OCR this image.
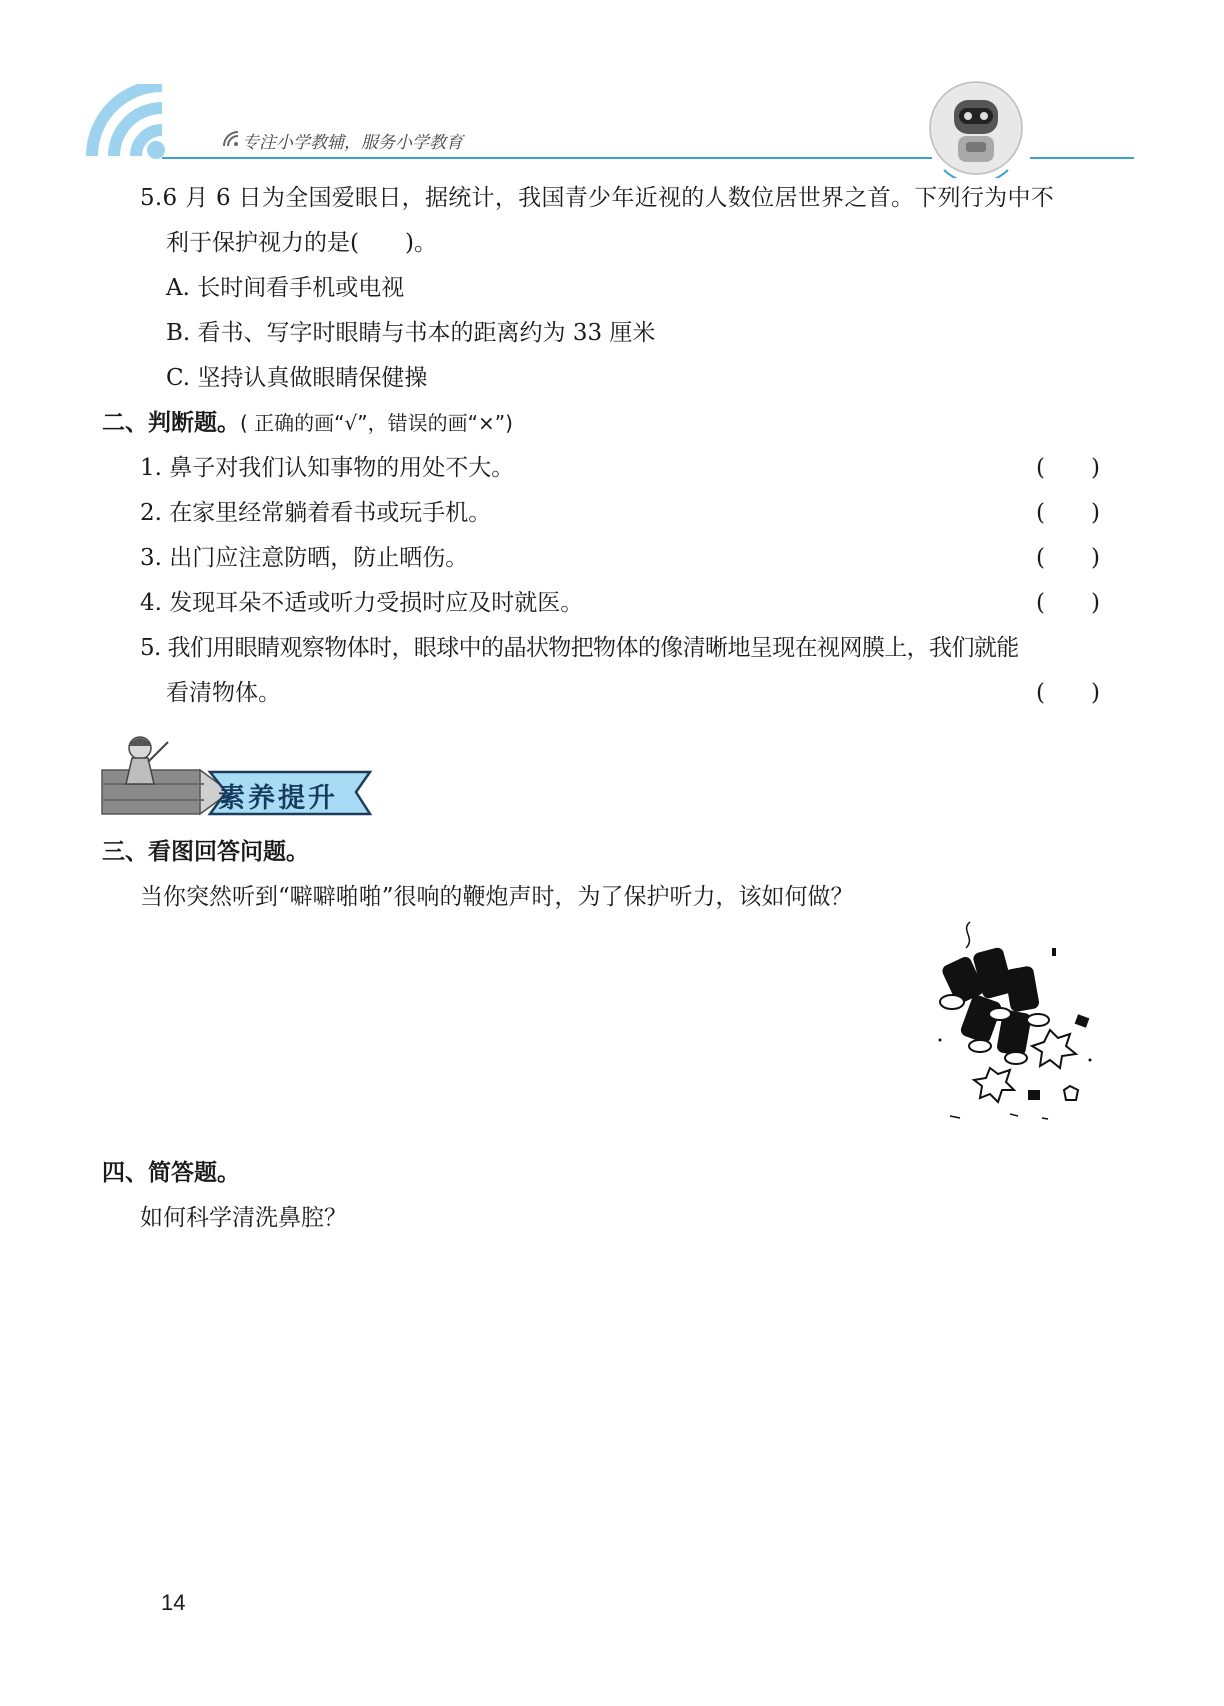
专注小学教辅，服务小学教育
5.6 月 6 日为全国爱眼日，据统计，我国青少年近视的人数位居世界之首。下列行为中不
利于保护视力的是(　　)。
A. 长时间看手机或电视
B. 看书、写字时眼睛与书本的距离约为 33 厘米
C. 坚持认真做眼睛保健操
二、判断题。( 正确的画“√”，错误的画“×”)
1. 鼻子对我们认知事物的用处不大。	(　　)
2. 在家里经常躺着看书或玩手机。	(　　)
3. 出门应注意防晒，防止晒伤。	(　　)
4. 发现耳朵不适或听力受损时应及时就医。	(　　)
5. 我们用眼睛观察物体时，眼球中的晶状物把物体的像清晰地呈现在视网膜上，我们就能
看清物体。	(　　)
素养提升
三、看图回答问题。
当你突然听到“噼噼啪啪”很响的鞭炮声时，为了保护听力，该如何做？
四、简答题。
如何科学清洗鼻腔？
14
